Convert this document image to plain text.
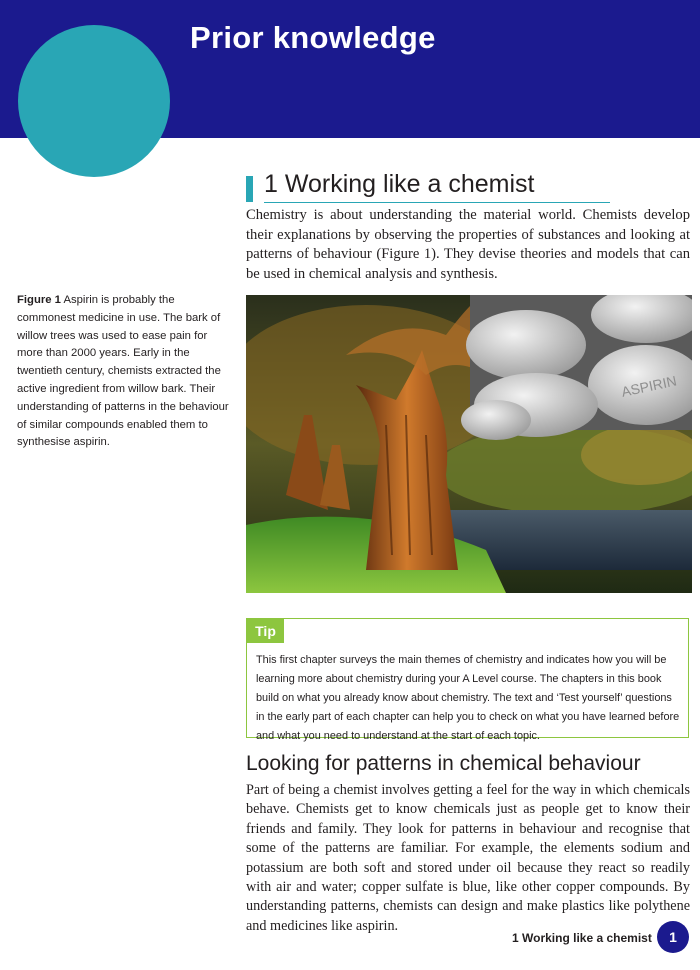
Prior knowledge
1 Working like a chemist

Chemistry is about understanding the material world. Chemists develop their explanations by observing the properties of substances and looking at patterns of behaviour (Figure 1). They devise theories and models that can be used in chemical analysis and synthesis.

Figure 1 Aspirin is probably the commonest medicine in use. The bark of willow trees was used to ease pain for more than 2000 years. Early in the twentieth century, chemists extracted the active ingredient from willow bark. Their understanding of patterns in the behaviour of similar compounds enabled them to synthesise aspirin.

ASPIRIN
Tip

This first chapter surveys the main themes of chemistry and indicates how you will be learning more about chemistry during your A Level course. The chapters in this book build on what you already know about chemistry. The text and ‘Test yourself’ questions in the early part of each chapter can help you to check on what you have learned before and what you need to understand at the start of each topic.

Looking for patterns in chemical behaviour

Part of being a chemist involves getting a feel for the way in which chemicals behave. Chemists get to know chemicals just as people get to know their friends and family. They look for patterns in behaviour and recognise that some of the patterns are familiar. For example, the elements sodium and potassium are both soft and stored under oil because they react so readily with air and water; copper sulfate is blue, like other copper compounds. By understanding patterns, chemists can design and make plastics like polythene and medicines like aspirin.

1 Working like a chemist	1
